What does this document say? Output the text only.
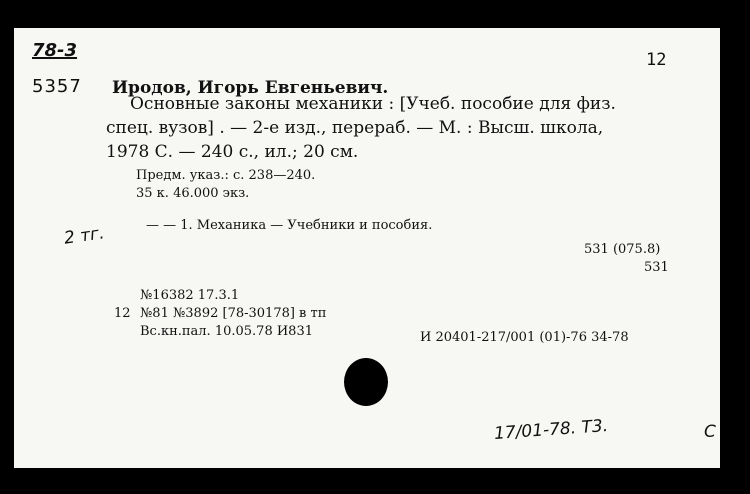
78-3	12
5357 Иродов, Игорь Евгеньевич.
Основные законы механики : [Учеб. пособие для физ.
спец. вузов] . — 2-е изд., перераб. — М. : Высш. школа,
1978 С. — 240 с., ил.; 20 см.
Предм. указ.: с. 238—240.
35 к. 46.000 экз.
2 тг.	— — 1. Механика — Учебники и пособия.
531 (075.8)
531
№16382 17.3.1
12 №81 №3892 [78-30178] в тп
Вс.кн.пал. 10.05.78 И831	И 20401-217/001 (01)-76 34-78
17/01-78. Т3.	С
